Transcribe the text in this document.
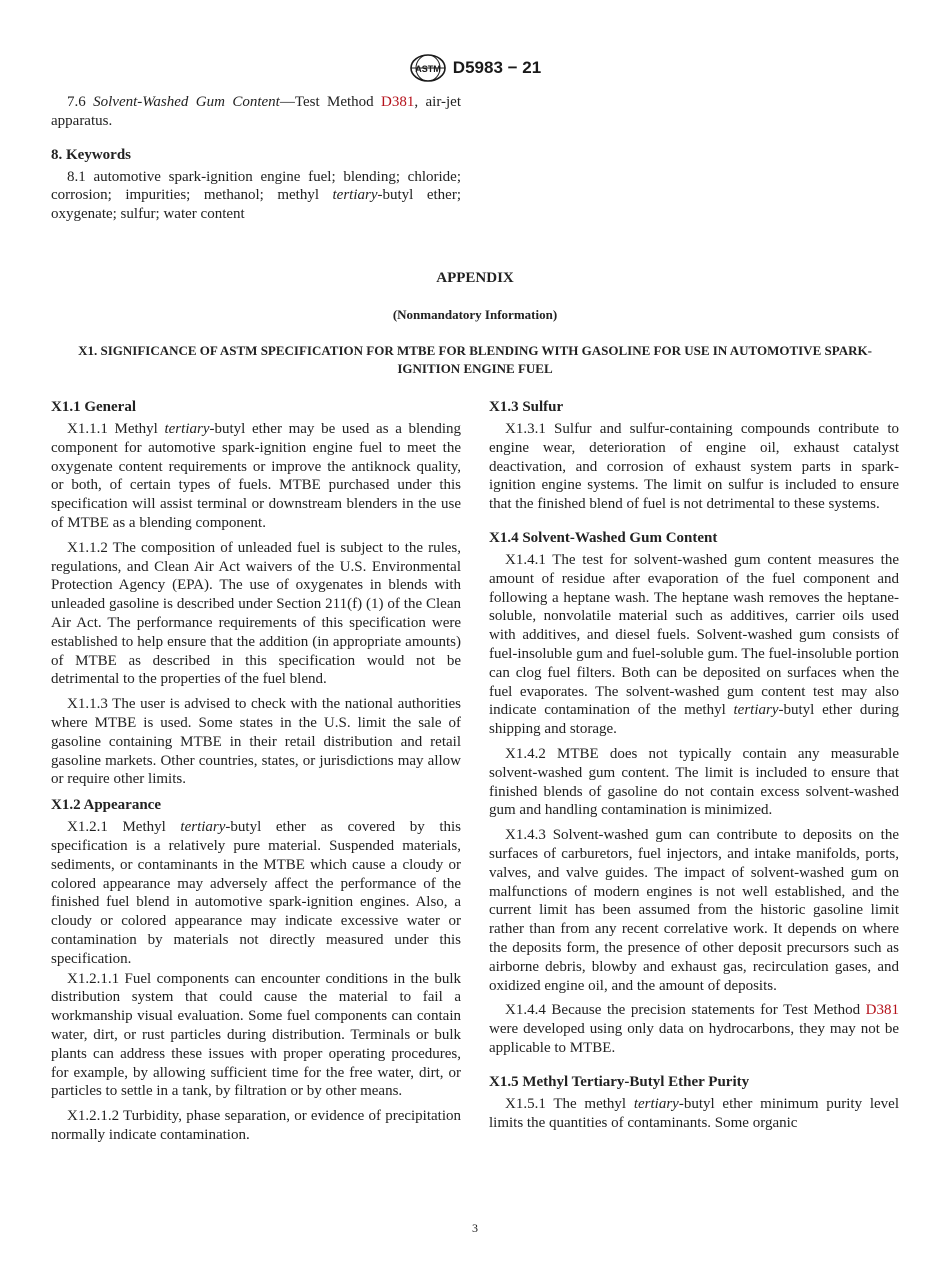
ASTM D5983 − 21

7.6 Solvent-Washed Gum Content—Test Method D381, air-jet apparatus.

8. Keywords

8.1 automotive spark-ignition engine fuel; blending; chloride; corrosion; impurities; methanol; methyl tertiary-butyl ether; oxygenate; sulfur; water content

APPENDIX
(Nonmandatory Information)
X1. SIGNIFICANCE OF ASTM SPECIFICATION FOR MTBE FOR BLENDING WITH GASOLINE FOR USE IN AUTOMOTIVE SPARK-IGNITION ENGINE FUEL
X1.1 General

X1.1.1 Methyl tertiary-butyl ether may be used as a blending component for automotive spark-ignition engine fuel to meet the oxygenate content requirements or improve the antiknock quality, or both, of certain types of fuels. MTBE purchased under this specification will assist terminal or downstream blenders in the use of MTBE as a blending component.

X1.1.2 The composition of unleaded fuel is subject to the rules, regulations, and Clean Air Act waivers of the U.S. Environmental Protection Agency (EPA). The use of oxygenates in blends with unleaded gasoline is described under Section 211(f) (1) of the Clean Air Act. The performance requirements of this specification were established to help ensure that the addition (in appropriate amounts) of MTBE as described in this specification would not be detrimental to the properties of the fuel blend.

X1.1.3 The user is advised to check with the national authorities where MTBE is used. Some states in the U.S. limit the sale of gasoline containing MTBE in their retail distribution and retail gasoline markets. Other countries, states, or jurisdictions may allow or require other limits.

X1.2 Appearance

X1.2.1 Methyl tertiary-butyl ether as covered by this specification is a relatively pure material. Suspended materials, sediments, or contaminants in the MTBE which cause a cloudy or colored appearance may adversely affect the performance of the finished fuel blend in automotive spark-ignition engines. Also, a cloudy or colored appearance may indicate excessive water or contamination by materials not directly measured under this specification.

X1.2.1.1 Fuel components can encounter conditions in the bulk distribution system that could cause the material to fail a workmanship visual evaluation. Some fuel components can contain water, dirt, or rust particles during distribution. Terminals or bulk plants can address these issues with proper operating procedures, for example, by allowing sufficient time for the free water, dirt, or particles to settle in a tank, by filtration or by other means.

X1.2.1.2 Turbidity, phase separation, or evidence of precipitation normally indicate contamination.

X1.3 Sulfur

X1.3.1 Sulfur and sulfur-containing compounds contribute to engine wear, deterioration of engine oil, exhaust catalyst deactivation, and corrosion of exhaust system parts in spark-ignition engine systems. The limit on sulfur is included to ensure that the finished blend of fuel is not detrimental to these systems.

X1.4 Solvent-Washed Gum Content

X1.4.1 The test for solvent-washed gum content measures the amount of residue after evaporation of the fuel component and following a heptane wash. The heptane wash removes the heptane-soluble, nonvolatile material such as additives, carrier oils used with additives, and diesel fuels. Solvent-washed gum consists of fuel-insoluble gum and fuel-soluble gum. The fuel-insoluble portion can clog fuel filters. Both can be deposited on surfaces when the fuel evaporates. The solvent-washed gum content test may also indicate contamination of the methyl tertiary-butyl ether during shipping and storage.

X1.4.2 MTBE does not typically contain any measurable solvent-washed gum content. The limit is included to ensure that finished blends of gasoline do not contain excess solvent-washed gum and handling contamination is minimized.

X1.4.3 Solvent-washed gum can contribute to deposits on the surfaces of carburetors, fuel injectors, and intake manifolds, ports, valves, and valve guides. The impact of solvent-washed gum on malfunctions of modern engines is not well established, and the current limit has been assumed from the historic gasoline limit rather than from any recent correlative work. It depends on where the deposits form, the presence of other deposit precursors such as airborne debris, blowby and exhaust gas, recirculation gases, and oxidized engine oil, and the amount of deposits.

X1.4.4 Because the precision statements for Test Method D381 were developed using only data on hydrocarbons, they may not be applicable to MTBE.

X1.5 Methyl Tertiary-Butyl Ether Purity

X1.5.1 The methyl tertiary-butyl ether minimum purity level limits the quantities of contaminants. Some organic

3
